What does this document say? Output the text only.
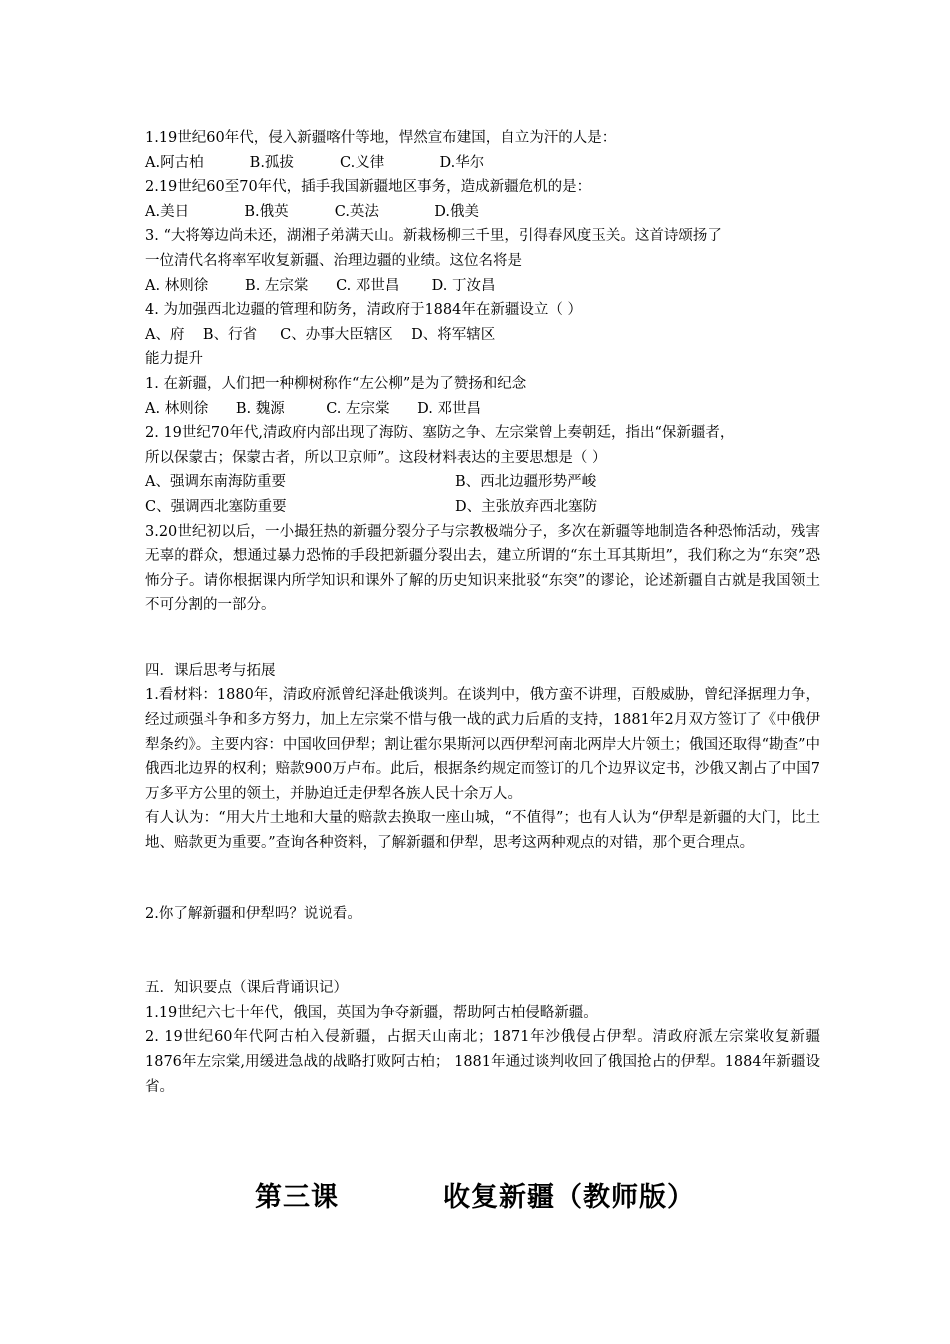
1.19世纪60年代，侵入新疆喀什等地，悍然宣布建国，自立为汗的人是：
A.阿古柏          B.孤拔          C.义律            D.华尔
2.19世纪60至70年代，插手我国新疆地区事务，造成新疆危机的是：
A.美日            B.俄英          C.英法            D.俄美
3. “大将筹边尚未还，湖湘子弟满天山。新栽杨柳三千里，引得春风度玉关。这首诗颂扬了
一位清代名将率军收复新疆、治理边疆的业绩。这位名将是
A. 林则徐        B. 左宗棠      C. 邓世昌       D. 丁汝昌
4. 为加强西北边疆的管理和防务，清政府于1884年在新疆设立（ ）
A、府    B、行省     C、办事大臣辖区    D、将军辖区
能力提升
1. 在新疆，人们把一种柳树称作“左公柳”是为了赞扬和纪念
A. 林则徐      B. 魏源         C. 左宗棠      D. 邓世昌
2. 19世纪70年代,清政府内部出现了海防、塞防之争、左宗棠曾上奏朝廷，指出“保新疆者，
所以保蒙古；保蒙古者，所以卫京师”。这段材料表达的主要思想是（ ）
A、强调东南海防重要	B、西北边疆形势严峻
C、强调西北塞防重要	D、主张放弃西北塞防
3.20世纪初以后，一小撮狂热的新疆分裂分子与宗教极端分子，多次在新疆等地制造各种恐怖活动，残害无辜的群众，想通过暴力恐怖的手段把新疆分裂出去，建立所谓的“东土耳其斯坦”，我们称之为“东突”恐怖分子。请你根据课内所学知识和课外了解的历史知识来批驳“东突”的谬论，论述新疆自古就是我国领土不可分割的一部分。
四．课后思考与拓展
1.看材料：1880年，清政府派曾纪泽赴俄谈判。在谈判中，俄方蛮不讲理，百般威胁，曾纪泽据理力争，经过顽强斗争和多方努力，加上左宗棠不惜与俄一战的武力后盾的支持，1881年2月双方签订了《中俄伊犁条约》。主要内容：中国收回伊犁；割让霍尔果斯河以西伊犁河南北两岸大片领土；俄国还取得“勘查”中俄西北边界的权利；赔款900万卢布。此后，根据条约规定而签订的几个边界议定书，沙俄又割占了中国7万多平方公里的领土，并胁迫迁走伊犁各族人民十余万人。
有人认为：“用大片土地和大量的赔款去换取一座山城，“不值得”；也有人认为“伊犁是新疆的大门，比土地、赔款更为重要。”查询各种资料，了解新疆和伊犁，思考这两种观点的对错，那个更合理点。
2.你了解新疆和伊犁吗？说说看。
五．知识要点（课后背诵识记）
1.19世纪六七十年代，俄国，英国为争夺新疆，帮助阿古柏侵略新疆。
2. 19世纪60年代阿古柏入侵新疆，占据天山南北；1871年沙俄侵占伊犁。清政府派左宗棠收复新疆1876年左宗棠,用缓进急战的战略打败阿古柏； 1881年通过谈判收回了俄国抢占的伊犁。1884年新疆设省。
第三课          收复新疆（教师版）
